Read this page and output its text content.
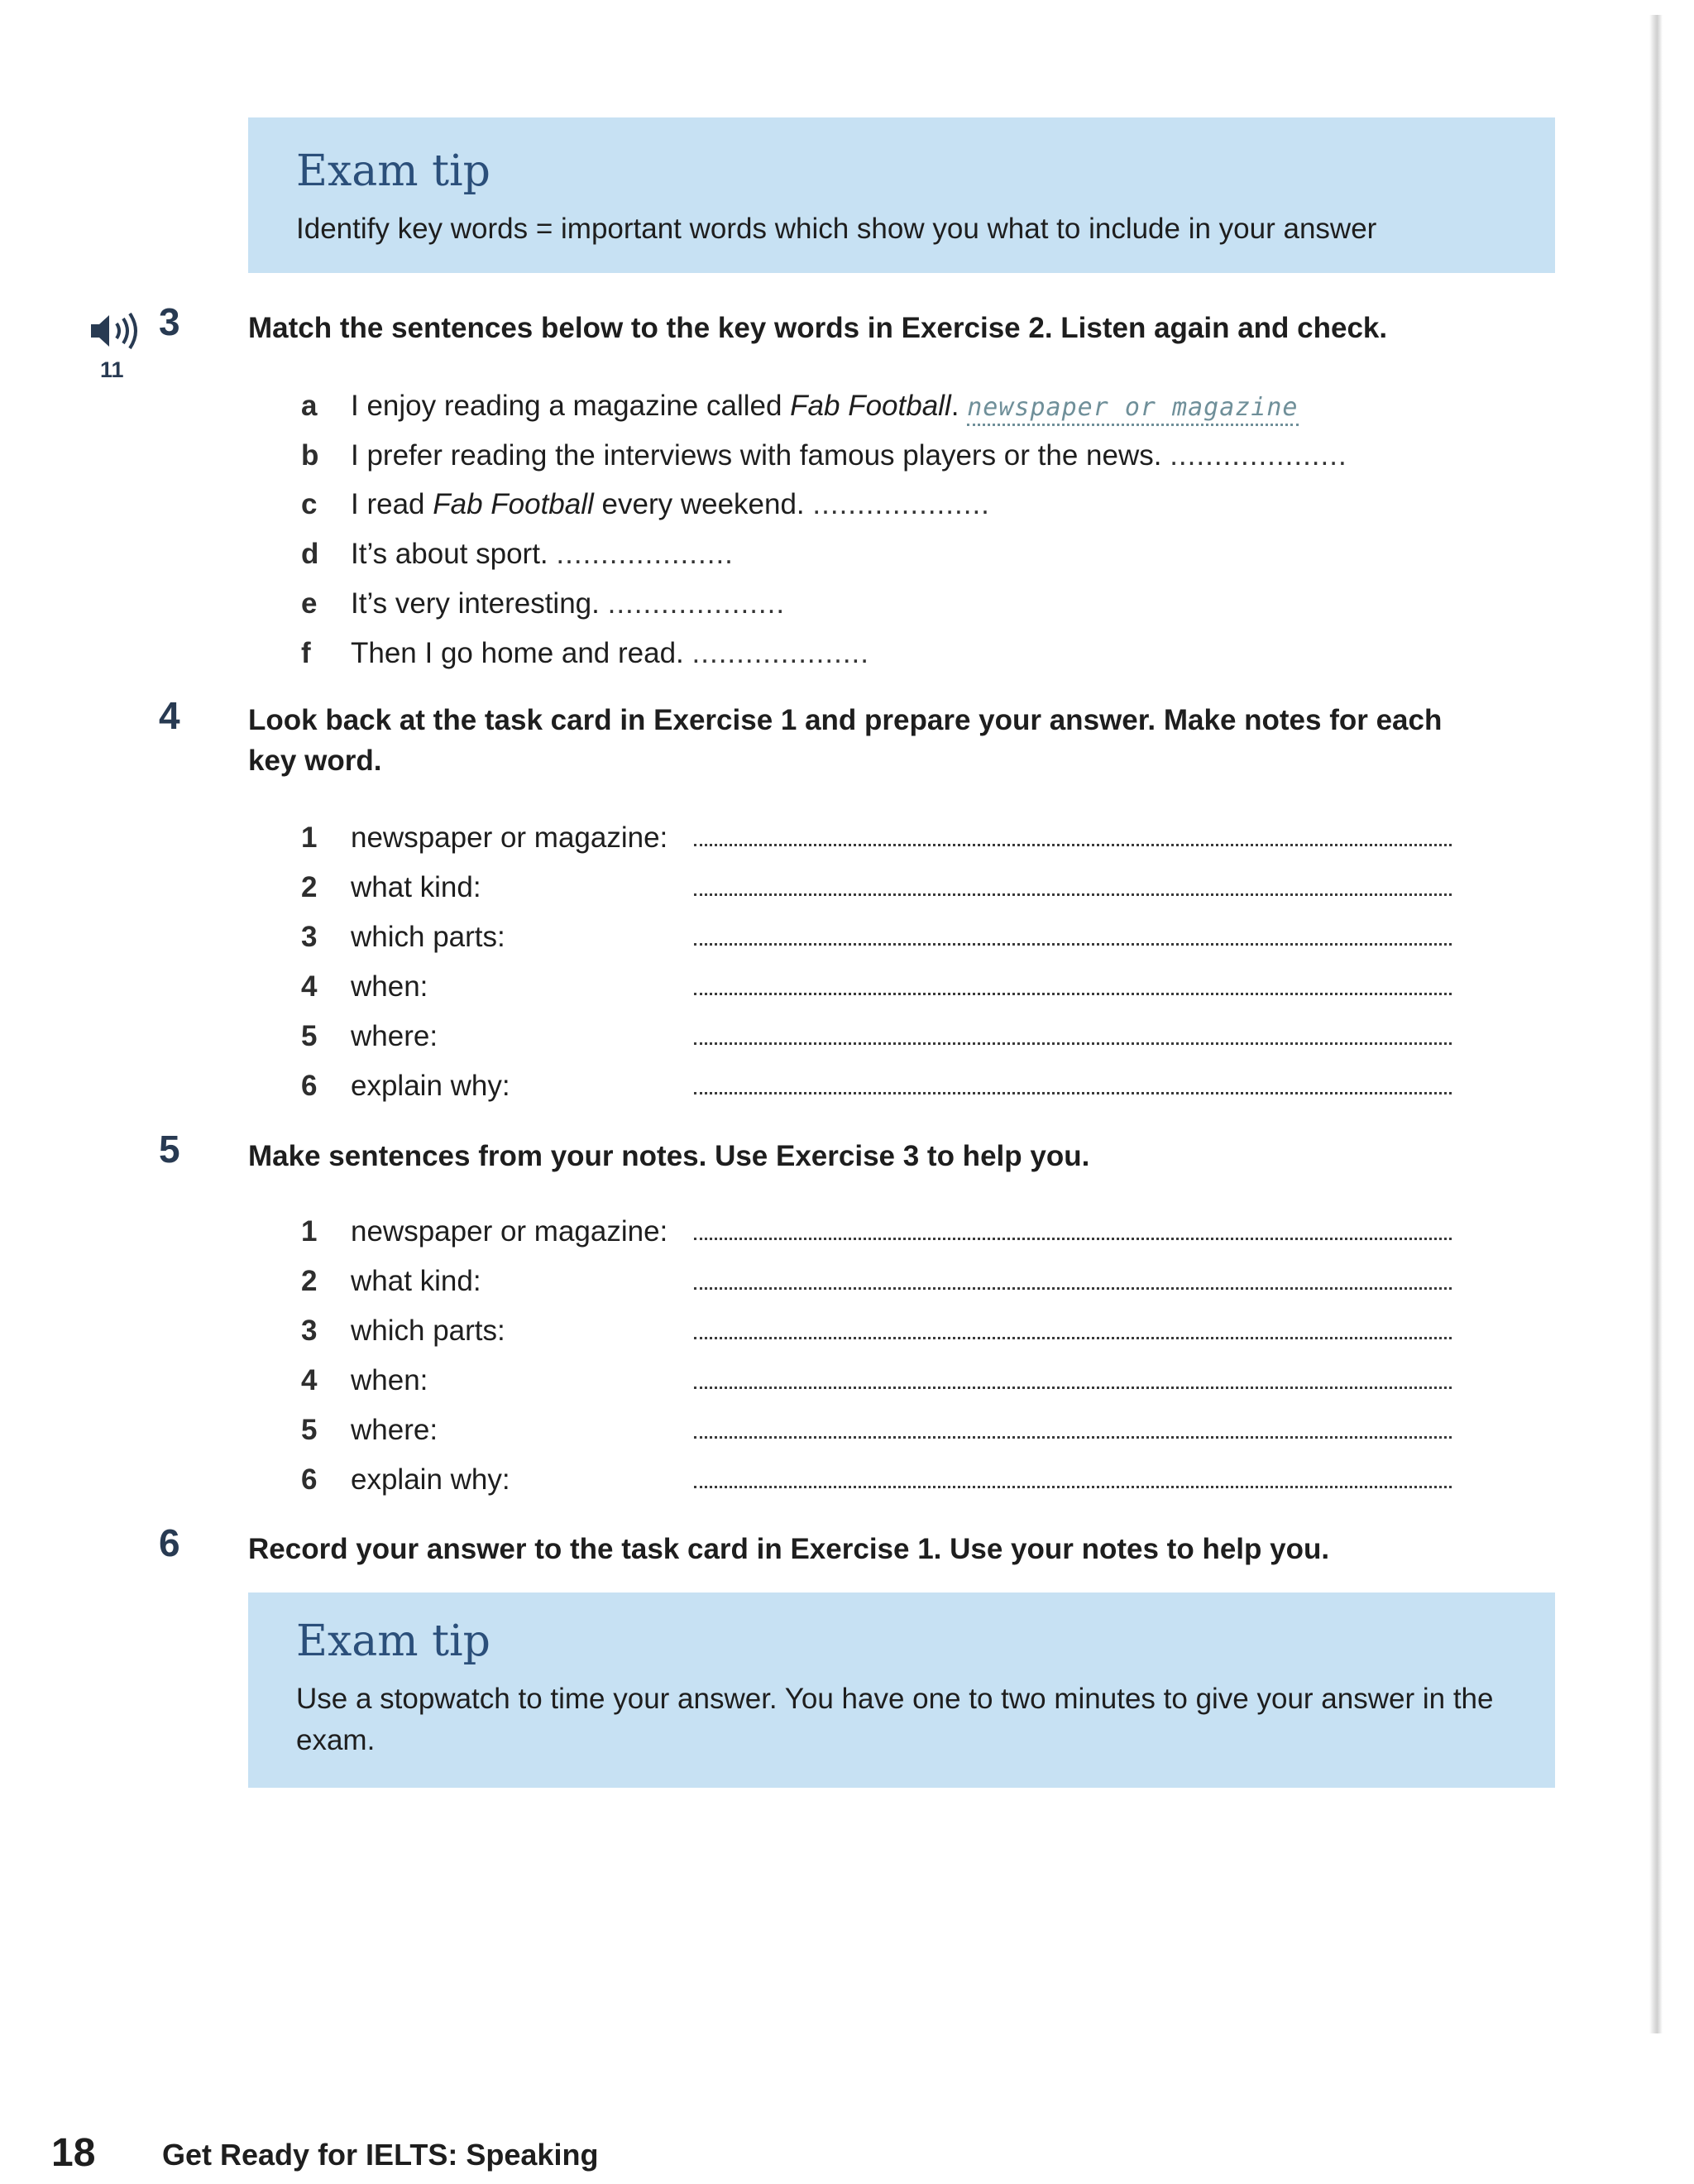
Exam tip
Identify key words = important words which show you what to include in your answer
11
3 Match the sentences below to the key words in Exercise 2. Listen again and check.
a I enjoy reading a magazine called Fab Football. newspaper or magazine
b I prefer reading the interviews with famous players or the news. ....................
c I read Fab Football every weekend. ....................
d It’s about sport. ....................
e It’s very interesting. ....................
f Then I go home and read. ....................
4 Look back at the task card in Exercise 1 and prepare your answer. Make notes for each key word.
1 newspaper or magazine:
2 what kind:
3 which parts:
4 when:
5 where:
6 explain why:
5 Make sentences from your notes. Use Exercise 3 to help you.
1 newspaper or magazine:
2 what kind:
3 which parts:
4 when:
5 where:
6 explain why:
6 Record your answer to the task card in Exercise 1. Use your notes to help you.
Exam tip
Use a stopwatch to time your answer. You have one to two minutes to give your answer in the exam.
18 Get Ready for IELTS: Speaking
